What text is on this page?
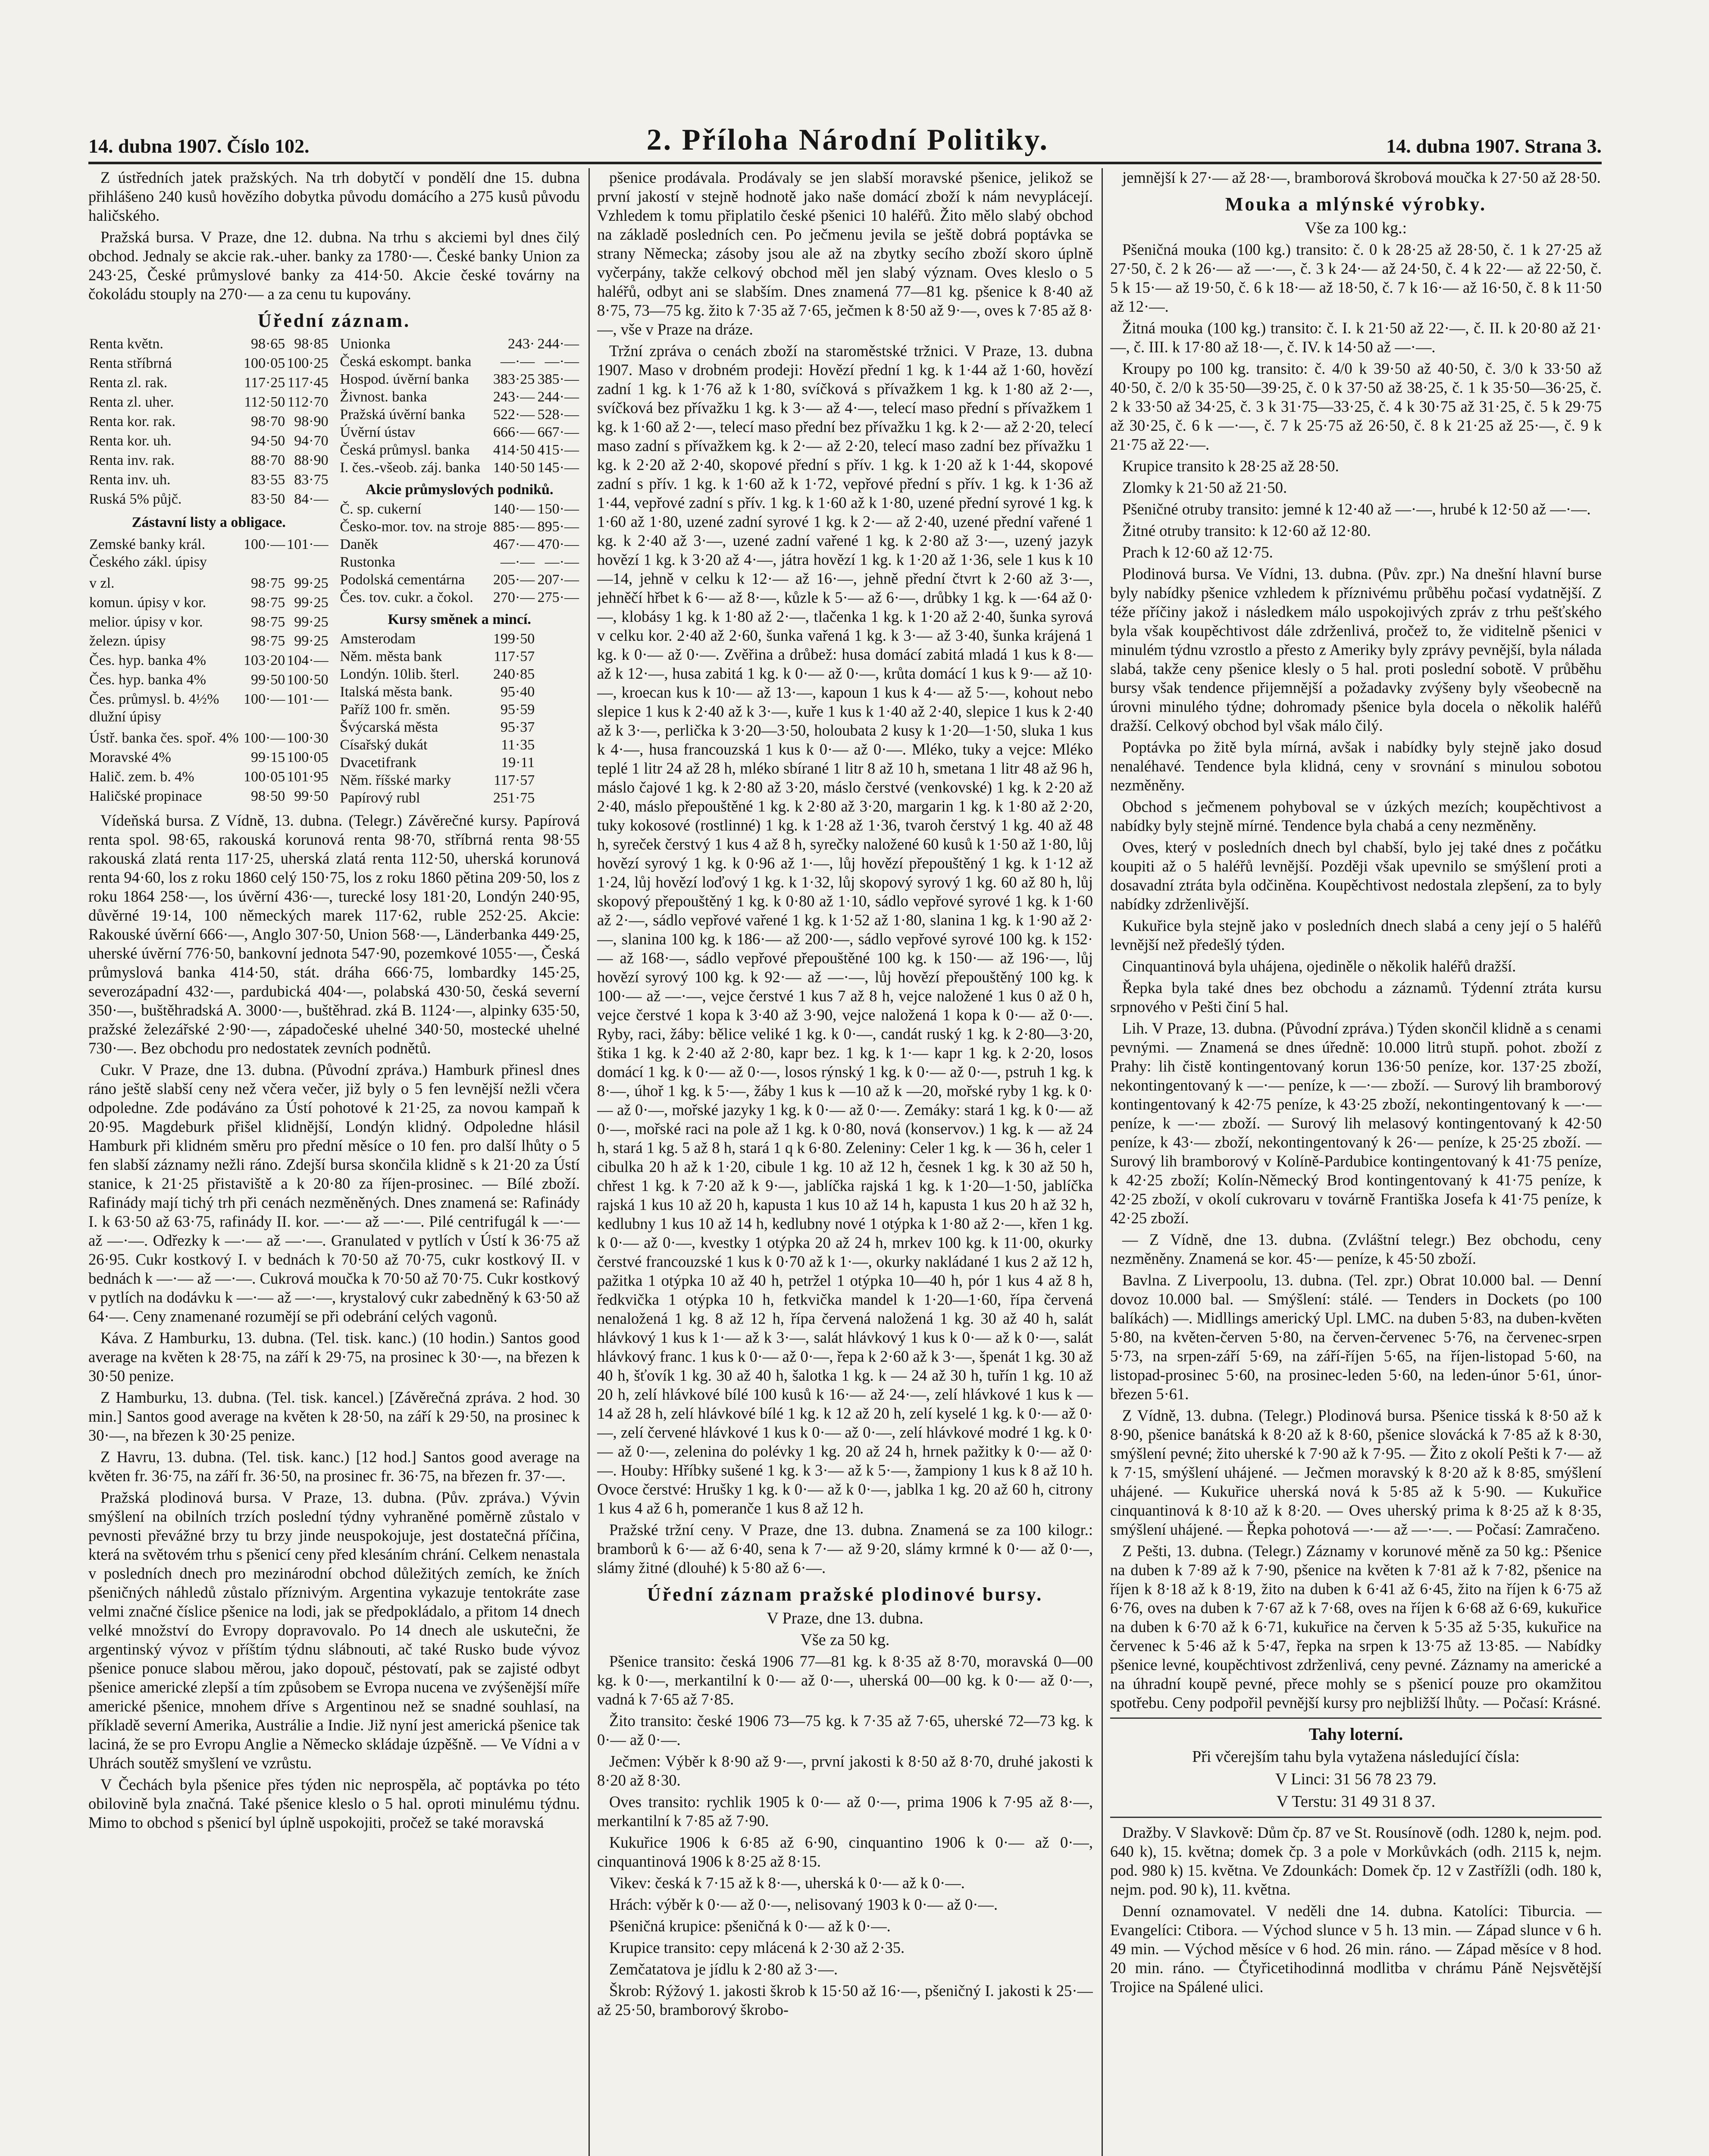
14. dubna 1907. Číslo 102.	2. Příloha Národní Politiky.	14. dubna 1907. Strana 3.

Z ústředních jatek pražských. Na trh dobytčí v pondělí dne 15. dubna přihlášeno 240 kusů hovězího dobytka původu domácího a 275 kusů původu haličského.

Pražská bursa. V Praze, dne 12. dubna. Na trhu s akciemi byl dnes čilý obchod. Jednaly se akcie rak.-uher. banky za 1780·—. České banky Union za 243·25, České průmyslové banky za 414·50. Akcie české továrny na čokoládu stouply na 270·— a za cenu tu kupovány.

Úřední záznam.
Renta květn.	98·65	98·85
Renta stříbrná	100·05	100·25
Renta zl. rak.	117·25	117·45
Renta zl. uher.	112·50	112·70
Renta kor. rak.	98·70	98·90
Renta kor. uh.	94·50	94·70
Renta inv. rak.	88·70	88·90
Renta inv. uh.	83·55	83·75
Ruská 5% půjč.	83·50	84·—
Zástavní listy a obligace.		
Zemské banky král. Českého zákl. úpisy	100·—	101·—
v zl.	98·75	99·25
komun. úpisy v kor.	98·75	99·25
melior. úpisy v kor.	98·75	99·25
železn. úpisy	98·75	99·25
Čes. hyp. banka 4%	103·20	104·—
Čes. hyp. banka 4%	99·50	100·50
Čes. průmysl. b. 4½% dlužní úpisy	100·—	101·—
Ústř. banka čes. spoř. 4%	100·—	100·30
Moravské 4%	99·15	100·05
Halič. zem. b. 4%	100·05	101·95
Haličské propinace	98·50	99·50
Unionka	243·	244·—
Česká eskompt. banka	—·—	—·—
Hospod. úvěrní banka	383·25	385·—
Živnost. banka	243·—	244·—
Pražská úvěrní banka	522·—	528·—
Úvěrní ústav	666·—	667·—
Česká průmysl. banka	414·50	415·—
I. čes.-všeob. záj. banka	140·50	145·—
Akcie průmyslových podniků.		
Č. sp. cukerní	140·—	150·—
Česko-mor. tov. na stroje	885·—	895·—
Daněk	467·—	470·—
Rustonka	—·—	—·—
Podolská cementárna	205·—	207·—
Čes. tov. cukr. a čokol.	270·—	275·—
Kursy směnek a mincí.		
Amsterodam	199·50	
Něm. města bank	117·57	
Londýn. 10lib. šterl.	240·85	
Italská města bank.	95·40	
Paříž 100 fr. směn.	95·59	
Švýcarská města	95·37	
Císařský dukát	11·35	
Dvacetifrank	19·11	
Něm. říšské marky	117·57	
Papírový rubl	251·75	

Vídeňská bursa. Z Vídně, 13. dubna. (Telegr.) Závěrečné kursy. Papírová renta spol. 98·65, rakouská korunová renta 98·70, stříbrná renta 98·55 rakouská zlatá renta 117·25, uherská zlatá renta 112·50, uherská korunová renta 94·60, los z roku 1860 celý 150·75, los z roku 1860 pětina 209·50, los z roku 1864 258·—, los úvěrní 436·—, turecké losy 181·20, Londýn 240·95, důvěrné 19·14, 100 německých marek 117·62, ruble 252·25. Akcie: Rakouské úvěrní 666·—, Anglo 307·50, Union 568·—, Länderbanka 449·25, uherské úvěrní 776·50, bankovní jednota 547·90, pozemkové 1055·—, Česká průmyslová banka 414·50, stát. dráha 666·75, lombardky 145·25, severozápadní 432·—, pardubická 404·—, polabská 430·50, česká severní 350·—, buštěhradská A. 3000·—, buštěhrad. zká B. 1124·—, alpinky 635·50, pražské železářské 2·90·—, západočeské uhelné 340·50, mostecké uhelné 730·—. Bez obchodu pro nedostatek zevních podnětů.

Cukr. V Praze, dne 13. dubna. (Původní zpráva.) Hamburk přinesl dnes ráno ještě slabší ceny než včera večer, již byly o 5 fen levnější nežli včera odpoledne. Zde podáváno za Ústí pohotové k 21·25, za novou kampaň k 20·95. Magdeburk přišel klidnější, Londýn klidný. Odpoledne hlásil Hamburk při klidném směru pro přední měsíce o 10 fen. pro další lhůty o 5 fen slabší záznamy nežli ráno. Zdejší bursa skončila klidně s k 21·20 za Ústí stanice, k 21·25 přistaviště a k 20·80 za říjen-prosinec. — Bílé zboží. Rafinády mají tichý trh při cenách nezměněných. Dnes znamená se: Rafinády I. k 63·50 až 63·75, rafinády II. kor. —·— až —·—. Pilé centrifugál k —·— až —·—. Odřezky k —·— až —·—. Granulated v pytlích v Ústí k 36·75 až 26·95. Cukr kostkový I. v bednách k 70·50 až 70·75, cukr kostkový II. v bednách k —·— až —·—. Cukrová moučka k 70·50 až 70·75. Cukr kostkový v pytlích na dodávku k —·— až —·—, krystalový cukr zabedněný k 63·50 až 64·—. Ceny znamenané rozumějí se při odebrání celých vagonů.

Káva. Z Hamburku, 13. dubna. (Tel. tisk. kanc.) (10 hodin.) Santos good average na květen k 28·75, na září k 29·75, na prosinec k 30·—, na březen k 30·50 penize.

Z Hamburku, 13. dubna. (Tel. tisk. kancel.) [Závěrečná zpráva. 2 hod. 30 min.] Santos good average na květen k 28·50, na září k 29·50, na prosinec k 30·—, na březen k 30·25 penize.

Z Havru, 13. dubna. (Tel. tisk. kanc.) [12 hod.] Santos good average na květen fr. 36·75, na září fr. 36·50, na prosinec fr. 36·75, na březen fr. 37·—.

Pražská plodinová bursa. V Praze, 13. dubna. (Pův. zpráva.) Vývin smýšlení na obilních trzích poslední týdny vyhraněné poměrně zůstalo v pevnosti převážné brzy tu brzy jinde neuspokojuje, jest dostatečná příčina, která na světovém trhu s pšenicí ceny před klesáním chrání. Celkem nenastala v posledních dnech pro mezinárodní obchod důležitých zemích, ke žních pšeničných náhledů zůstalo příznivým. Argentina vykazuje tentokráte zase velmi značné číslice pšenice na lodi, jak se předpokládalo, a přitom 14 dnech velké množství do Evropy dopravovalo. Po 14 dnech ale uskutečni, že argentinský vývoz v příštím týdnu slábnouti, ač také Rusko bude vývoz pšenice ponuce slabou měrou, jako dopouč, péstovatí, pak se zajisté odbyt pšenice americké zlepší a tím způsobem se Evropa nucena ve zvýšenější míře americké pšenice, mnohem dříve s Argentinou než se snadné souhlasí, na příkladě severní Amerika, Austrálie a Indie. Již nyní jest americká pšenice tak laciná, že se pro Evropu Anglie a Německo skládaje úzpěšně. — Ve Vídni a v Uhrách soutěž smyšlení ve vzrůstu.

V Čechách byla pšenice přes týden nic neprospěla, ač poptávka po této obilovině byla značná. Také pšenice kleslo o 5 hal. oproti minulému týdnu. Mimo to obchod s pšenicí byl úplně uspokojiti, pročež se také moravská

pšenice prodávala. Prodávaly se jen slabší moravské pšenice, jelikož se první jakostí v stejně hodnotě jako naše domácí zboží k nám nevyplácejí. Vzhledem k tomu připlatilo české pšenici 10 haléřů. Žito mělo slabý obchod na základě posledních cen. Po ječmenu jevila se ještě dobrá poptávka se strany Německa; zásoby jsou ale až na zbytky secího zboží skoro úplně vyčerpány, takže celkový obchod měl jen slabý význam. Oves kleslo o 5 haléřů, odbyt ani se slabším. Dnes znamená 77—81 kg. pšenice k 8·40 až 8·75, 73—75 kg. žito k 7·35 až 7·65, ječmen k 8·50 až 9·—, oves k 7·85 až 8·—, vše v Praze na dráze.

Tržní zpráva o cenách zboží na staroměstské tržnici. V Praze, 13. dubna 1907. Maso v drobném prodeji: Hovězí přední 1 kg. k 1·44 až 1·60, hovězí zadní 1 kg. k 1·76 až k 1·80, svíčková s přívažkem 1 kg. k 1·80 až 2·—, svíčková bez přívažku 1 kg. k 3·— až 4·—, telecí maso přední s přívažkem 1 kg. k 1·60 až 2·—, telecí maso přední bez přívažku 1 kg. k 2·— až 2·20, telecí maso zadní s přívažkem kg. k 2·— až 2·20, telecí maso zadní bez přívažku 1 kg. k 2·20 až 2·40, skopové přední s přív. 1 kg. k 1·20 až k 1·44, skopové zadní s přív. 1 kg. k 1·60 až k 1·72, vepřové přední s přív. 1 kg. k 1·36 až 1·44, vepřové zadní s přív. 1 kg. k 1·60 až k 1·80, uzené přední syrové 1 kg. k 1·60 až 1·80, uzené zadní syrové 1 kg. k 2·— až 2·40, uzené přední vařené 1 kg. k 2·40 až 3·—, uzené zadní vařené 1 kg. k 2·80 až 3·—, uzený jazyk hovězí 1 kg. k 3·20 až 4·—, játra hovězí 1 kg. k 1·20 až 1·36, sele 1 kus k 10—14, jehně v celku k 12·— až 16·—, jehně přední čtvrt k 2·60 až 3·—, jehněčí hřbet k 6·— až 8·—, kůzle k 5·— až 6·—, drůbky 1 kg. k —·64 až 0·—, klobásy 1 kg. k 1·80 až 2·—, tlačenka 1 kg. k 1·20 až 2·40, šunka syrová v celku kor. 2·40 až 2·60, šunka vařená 1 kg. k 3·— až 3·40, šunka krájená 1 kg. k 0·— až 0·—. Zvěřina a drůbež: husa domácí zabitá mladá 1 kus k 8·— až k 12·—, husa zabitá 1 kg. k 0·— až 0·—, krůta domácí 1 kus k 9·— až 10·—, kroecan kus k 10·— až 13·—, kapoun 1 kus k 4·— až 5·—, kohout nebo slepice 1 kus k 2·40 až k 3·—, kuře 1 kus k 1·40 až 2·40, slepice 1 kus k 2·40 až k 3·—, perlička k 3·20—3·50, holoubata 2 kusy k 1·20—1·50, sluka 1 kus k 4·—, husa francouzská 1 kus k 0·— až 0·—. Mléko, tuky a vejce: Mléko teplé 1 litr 24 až 28 h, mléko sbírané 1 litr 8 až 10 h, smetana 1 litr 48 až 96 h, máslo čajové 1 kg. k 2·80 až 3·20, máslo čerstvé (venkovské) 1 kg. k 2·20 až 2·40, máslo přepouštěné 1 kg. k 2·80 až 3·20, margarin 1 kg. k 1·80 až 2·20, tuky kokosové (rostlinné) 1 kg. k 1·28 až 1·36, tvaroh čerstvý 1 kg. 40 až 48 h, syreček čerstvý 1 kus 4 až 8 h, syrečky naložené 60 kusů k 1·50 až 1·80, lůj hovězí syrový 1 kg. k 0·96 až 1·—, lůj hovězí přepouštěný 1 kg. k 1·12 až 1·24, lůj hovězí loďový 1 kg. k 1·32, lůj skopový syrový 1 kg. 60 až 80 h, lůj skopový přepouštěný 1 kg. k 0·80 až 1·10, sádlo vepřové syrové 1 kg. k 1·60 až 2·—, sádlo vepřové vařené 1 kg. k 1·52 až 1·80, slanina 1 kg. k 1·90 až 2·—, slanina 100 kg. k 186·— až 200·—, sádlo vepřové syrové 100 kg. k 152·— až 168·—, sádlo vepřové přepouštěné 100 kg. k 150·— až 196·—, lůj hovězí syrový 100 kg. k 92·— až —·—, lůj hovězí přepouštěný 100 kg. k 100·— až —·—, vejce čerstvé 1 kus 7 až 8 h, vejce naložené 1 kus 0 až 0 h, vejce čerstvé 1 kopa k 3·40 až 3·90, vejce naložená 1 kopa k 0·— až 0·—. Ryby, raci, žáby: bělice veliké 1 kg. k 0·—, candát ruský 1 kg. k 2·80—3·20, štika 1 kg. k 2·40 až 2·80, kapr bez. 1 kg. k 1·— kapr 1 kg. k 2·20, losos domácí 1 kg. k 0·— až 0·—, losos rýnský 1 kg. k 0·— až 0·—, pstruh 1 kg. k 8·—, úhoř 1 kg. k 5·—, žáby 1 kus k —10 až k —20, mořské ryby 1 kg. k 0·— až 0·—, mořské jazyky 1 kg. k 0·— až 0·—. Zemáky: stará 1 kg. k 0·— až 0·—, mořské raci na pole až 1 kg. k 0·80, nová (konservov.) 1 kg. k — až 24 h, stará 1 kg. 5 až 8 h, stará 1 q k 6·80. Zeleniny: Celer 1 kg. k — 36 h, celer 1 cibulka 20 h až k 1·20, cibule 1 kg. 10 až 12 h, česnek 1 kg. k 30 až 50 h, chřest 1 kg. k 7·20 až k 9·—, jablíčka rajská 1 kg. k 1·20—1·50, jablíčka rajská 1 kus 10 až 20 h, kapusta 1 kus 10 až 14 h, kapusta 1 kus 20 h až 32 h, kedlubny 1 kus 10 až 14 h, kedlubny nové 1 otýpka k 1·80 až 2·—, křen 1 kg. k 0·— až 0·—, kvestky 1 otýpka 20 až 24 h, mrkev 100 kg. k 11·00, okurky čerstvé francouzské 1 kus k 0·70 až k 1·—, okurky nakládané 1 kus 2 až 12 h, pažitka 1 otýpka 10 až 40 h, petržel 1 otýpka 10—40 h, pór 1 kus 4 až 8 h, ředkvička 1 otýpka 10 h, fetkvička mandel k 1·20—1·60, řípa červená nenaložená 1 kg. 8 až 12 h, řípa červená naložená 1 kg. 30 až 40 h, salát hlávkový 1 kus k 1·— až k 3·—, salát hlávkový 1 kus k 0·— až k 0·—, salát hlávkový franc. 1 kus k 0·— až 0·—, řepa k 2·60 až k 3·—, špenát 1 kg. 30 až 40 h, šťovík 1 kg. 30 až 40 h, šalotka 1 kg. k — 24 až 30 h, tuřín 1 kg. 10 až 20 h, zelí hlávkové bílé 100 kusů k 16·— až 24·—, zelí hlávkové 1 kus k — 14 až 28 h, zelí hlávkové bílé 1 kg. k 12 až 20 h, zelí kyselé 1 kg. k 0·— až 0·—, zelí červené hlávkové 1 kus k 0·— až 0·—, zelí hlávkové modré 1 kg. k 0·— až 0·—, zelenina do polévky 1 kg. 20 až 24 h, hrnek pažitky k 0·— až 0·—. Houby: Hříbky sušené 1 kg. k 3·— až k 5·—, žampiony 1 kus k 8 až 10 h. Ovoce čerstvé: Hrušky 1 kg. k 0·— až k 0·—, jablka 1 kg. 20 až 60 h, citrony 1 kus 4 až 6 h, pomeranče 1 kus 8 až 12 h.

Pražské tržní ceny. V Praze, dne 13. dubna. Znamená se za 100 kilogr.: bramborů k 6·— až 6·40, sena k 7·— až 9·20, slámy krmné k 0·— až 0·—, slámy žitné (dlouhé) k 5·80 až 6·—.

Úřední záznam pražské plodinové bursy.
V Praze, dne 13. dubna.
Vše za 50 kg.

Pšenice transito: česká 1906 77—81 kg. k 8·35 až 8·70, moravská 0—00 kg. k 0·—, merkantilní k 0·— až 0·—, uherská 00—00 kg. k 0·— až 0·—, vadná k 7·65 až 7·85.

Žito transito: české 1906 73—75 kg. k 7·35 až 7·65, uherské 72—73 kg. k 0·— až 0·—.

Ječmen: Výběr k 8·90 až 9·—, první jakosti k 8·50 až 8·70, druhé jakosti k 8·20 až 8·30.

Oves transito: rychlik 1905 k 0·— až 0·—, prima 1906 k 7·95 až 8·—, merkantilní k 7·85 až 7·90.

Kukuřice 1906 k 6·85 až 6·90, cinquantino 1906 k 0·— až 0·—, cinquantinová 1906 k 8·25 až 8·15.

Vikev: česká k 7·15 až k 8·—, uherská k 0·— až k 0·—.

Hrách: výběr k 0·— až 0·—, nelisovaný 1903 k 0·— až 0·—.

Pšeničná krupice: pšeničná k 0·— až k 0·—.

Krupice transito: cepy mlácená k 2·30 až 2·35.

Zemčatatova je jídlu k 2·80 až 3·—.

Škrob: Rýžový 1. jakosti škrob k 15·50 až 16·—, pšeničný I. jakosti k 25·— až 25·50, bramborový škrobo-

jemnější k 27·— až 28·—, bramborová škrobová moučka k 27·50 až 28·50.

Mouka a mlýnské výrobky.
Vše za 100 kg.:

Pšeničná mouka (100 kg.) transito: č. 0 k 28·25 až 28·50, č. 1 k 27·25 až 27·50, č. 2 k 26·— až —·—, č. 3 k 24·— až 24·50, č. 4 k 22·— až 22·50, č. 5 k 15·— až 19·50, č. 6 k 18·— až 18·50, č. 7 k 16·— až 16·50, č. 8 k 11·50 až 12·—.

Žitná mouka (100 kg.) transito: č. I. k 21·50 až 22·—, č. II. k 20·80 až 21·—, č. III. k 17·80 až 18·—, č. IV. k 14·50 až —·—.

Kroupy po 100 kg. transito: č. 4/0 k 39·50 až 40·50, č. 3/0 k 33·50 až 40·50, č. 2/0 k 35·50—39·25, č. 0 k 37·50 až 38·25, č. 1 k 35·50—36·25, č. 2 k 33·50 až 34·25, č. 3 k 31·75—33·25, č. 4 k 30·75 až 31·25, č. 5 k 29·75 až 30·25, č. 6 k —·—, č. 7 k 25·75 až 26·50, č. 8 k 21·25 až 25·—, č. 9 k 21·75 až 22·—.

Krupice transito k 28·25 až 28·50.

Zlomky k 21·50 až 21·50.

Pšeničné otruby transito: jemné k 12·40 až —·—, hrubé k 12·50 až —·—.

Žitné otruby transito: k 12·60 až 12·80.

Prach k 12·60 až 12·75.

Plodinová bursa. Ve Vídni, 13. dubna. (Pův. zpr.) Na dnešní hlavní burse byly nabídky pšenice vzhledem k příznivému průběhu počasí vydatnější. Z téže příčiny jakož i následkem málo uspokojivých zpráv z trhu pešťského byla však koupěchtivost dále zdrženlivá, pročež to, že viditelně pšenici v minulém týdnu vzrostlo a přesto z Ameriky byly zprávy pevnější, byla nálada slabá, takže ceny pšenice klesly o 5 hal. proti poslední sobotě. V průběhu bursy však tendence přijemnější a požadavky zvýšeny byly všeobecně na úrovni minulého týdne; dohromady pšenice byla docela o několik haléřů dražší. Celkový obchod byl však málo čilý.

Poptávka po žitě byla mírná, avšak i nabídky byly stejně jako dosud nenaléhavé. Tendence byla klidná, ceny v srovnání s minulou sobotou nezměněny.

Obchod s ječmenem pohyboval se v úzkých mezích; koupěchtivost a nabídky byly stejně mírné. Tendence byla chabá a ceny nezměněny.

Oves, který v posledních dnech byl chabší, bylo jej také dnes z počátku koupiti až o 5 haléřů levnější. Později však upevnilo se smýšlení proti a dosavadní ztráta byla odčiněna. Koupěchtivost nedostala zlepšení, za to byly nabídky zdrženlivější.

Kukuřice byla stejně jako v posledních dnech slabá a ceny její o 5 haléřů levnější než předešlý týden.

Cinquantinová byla uhájena, ojediněle o několik haléřů dražší.

Řepka byla také dnes bez obchodu a záznamů. Týdenní ztráta kursu srpnového v Pešti činí 5 hal.

Lih. V Praze, 13. dubna. (Původní zpráva.) Týden skončil klidně a s cenami pevnými. — Znamená se dnes úředně: 10.000 litrů stupň. pohot. zboží z Prahy: lih čistě kontingentovaný korun 136·50 peníze, kor. 137·25 zboží, nekontingentovaný k —·— peníze, k —·— zboží. — Surový lih bramborový kontingentovaný k 42·75 peníze, k 43·25 zboží, nekontingentovaný k —·— peníze, k —·— zboží. — Surový lih melasový kontingentovaný k 42·50 peníze, k 43·— zboží, nekontingentovaný k 26·— peníze, k 25·25 zboží. — Surový lih bramborový v Kolíně-Pardubice kontingentovaný k 41·75 peníze, k 42·25 zboží; Kolín-Německý Brod kontingentovaný k 41·75 peníze, k 42·25 zboží, v okolí cukrovaru v továrně Františka Josefa k 41·75 peníze, k 42·25 zboží.

— Z Vídně, dne 13. dubna. (Zvláštní telegr.) Bez obchodu, ceny nezměněny. Znamená se kor. 45·— peníze, k 45·50 zboží.

Bavlna. Z Liverpoolu, 13. dubna. (Tel. zpr.) Obrat 10.000 bal. — Denní dovoz 10.000 bal. — Smýšlení: stálé. — Tenders in Dockets (po 100 balíkách) —. Midllings americký Upl. LMC. na duben 5·83, na duben-květen 5·80, na květen-červen 5·80, na červen-červenec 5·76, na červenec-srpen 5·73, na srpen-září 5·69, na září-říjen 5·65, na říjen-listopad 5·60, na listopad-prosinec 5·60, na prosinec-leden 5·60, na leden-únor 5·61, únor-březen 5·61.

Z Vídně, 13. dubna. (Telegr.) Plodinová bursa. Pšenice tisská k 8·50 až k 8·90, pšenice banátská k 8·20 až k 8·60, pšenice slovácká k 7·85 až k 8·30, smýšlení pevné; žito uherské k 7·90 až k 7·95. — Žito z okolí Pešti k 7·— až k 7·15, smýšlení uhájené. — Ječmen moravský k 8·20 až k 8·85, smýšlení uhájené. — Kukuřice uherská nová k 5·85 až k 5·90. — Kukuřice cinquantinová k 8·10 až k 8·20. — Oves uherský prima k 8·25 až k 8·35, smýšlení uhájené. — Řepka pohotová —·— až —·—. — Počasí: Zamračeno.

Z Pešti, 13. dubna. (Telegr.) Záznamy v korunové měně za 50 kg.: Pšenice na duben k 7·89 až k 7·90, pšenice na květen k 7·81 až k 7·82, pšenice na říjen k 8·18 až k 8·19, žito na duben k 6·41 až 6·45, žito na říjen k 6·75 až 6·76, oves na duben k 7·67 až k 7·68, oves na říjen k 6·68 až 6·69, kukuřice na duben k 6·70 až k 6·71, kukuřice na červen k 5·35 až 5·35, kukuřice na červenec k 5·46 až k 5·47, řepka na srpen k 13·75 až 13·85. — Nabídky pšenice levné, koupěchtivost zdrženlivá, ceny pevné. Záznamy na americké a na úhradní koupě pevné, přece mohly se s pšenicí pouze pro okamžitou spotřebu. Ceny podpořil pevnější kursy pro nejbližší lhůty. — Počasí: Krásné.

Tahy loterní.
Při včerejším tahu byla vytažena následující čísla:
V Linci: 31 56 78 23 79.
V Terstu: 31 49 31 8 37.

Dražby. V Slavkově: Dům čp. 87 ve St. Rousínově (odh. 1280 k, nejm. pod. 640 k), 15. května; domek čp. 3 a pole v Morkůvkách (odh. 2115 k, nejm. pod. 980 k) 15. května. Ve Zdounkách: Domek čp. 12 v Zastřížli (odh. 180 k, nejm. pod. 90 k), 11. května.

Denní oznamovatel. V neděli dne 14. dubna. Katolíci: Tiburcia. — Evangelíci: Ctibora. — Východ slunce v 5 h. 13 min. — Západ slunce v 6 h. 49 min. — Východ měsíce v 6 hod. 26 min. ráno. — Západ měsíce v 8 hod. 20 min. ráno. — Čtyřicetihodinná modlitba v chrámu Páně Nejsvětější Trojice na Spálené ulici.
